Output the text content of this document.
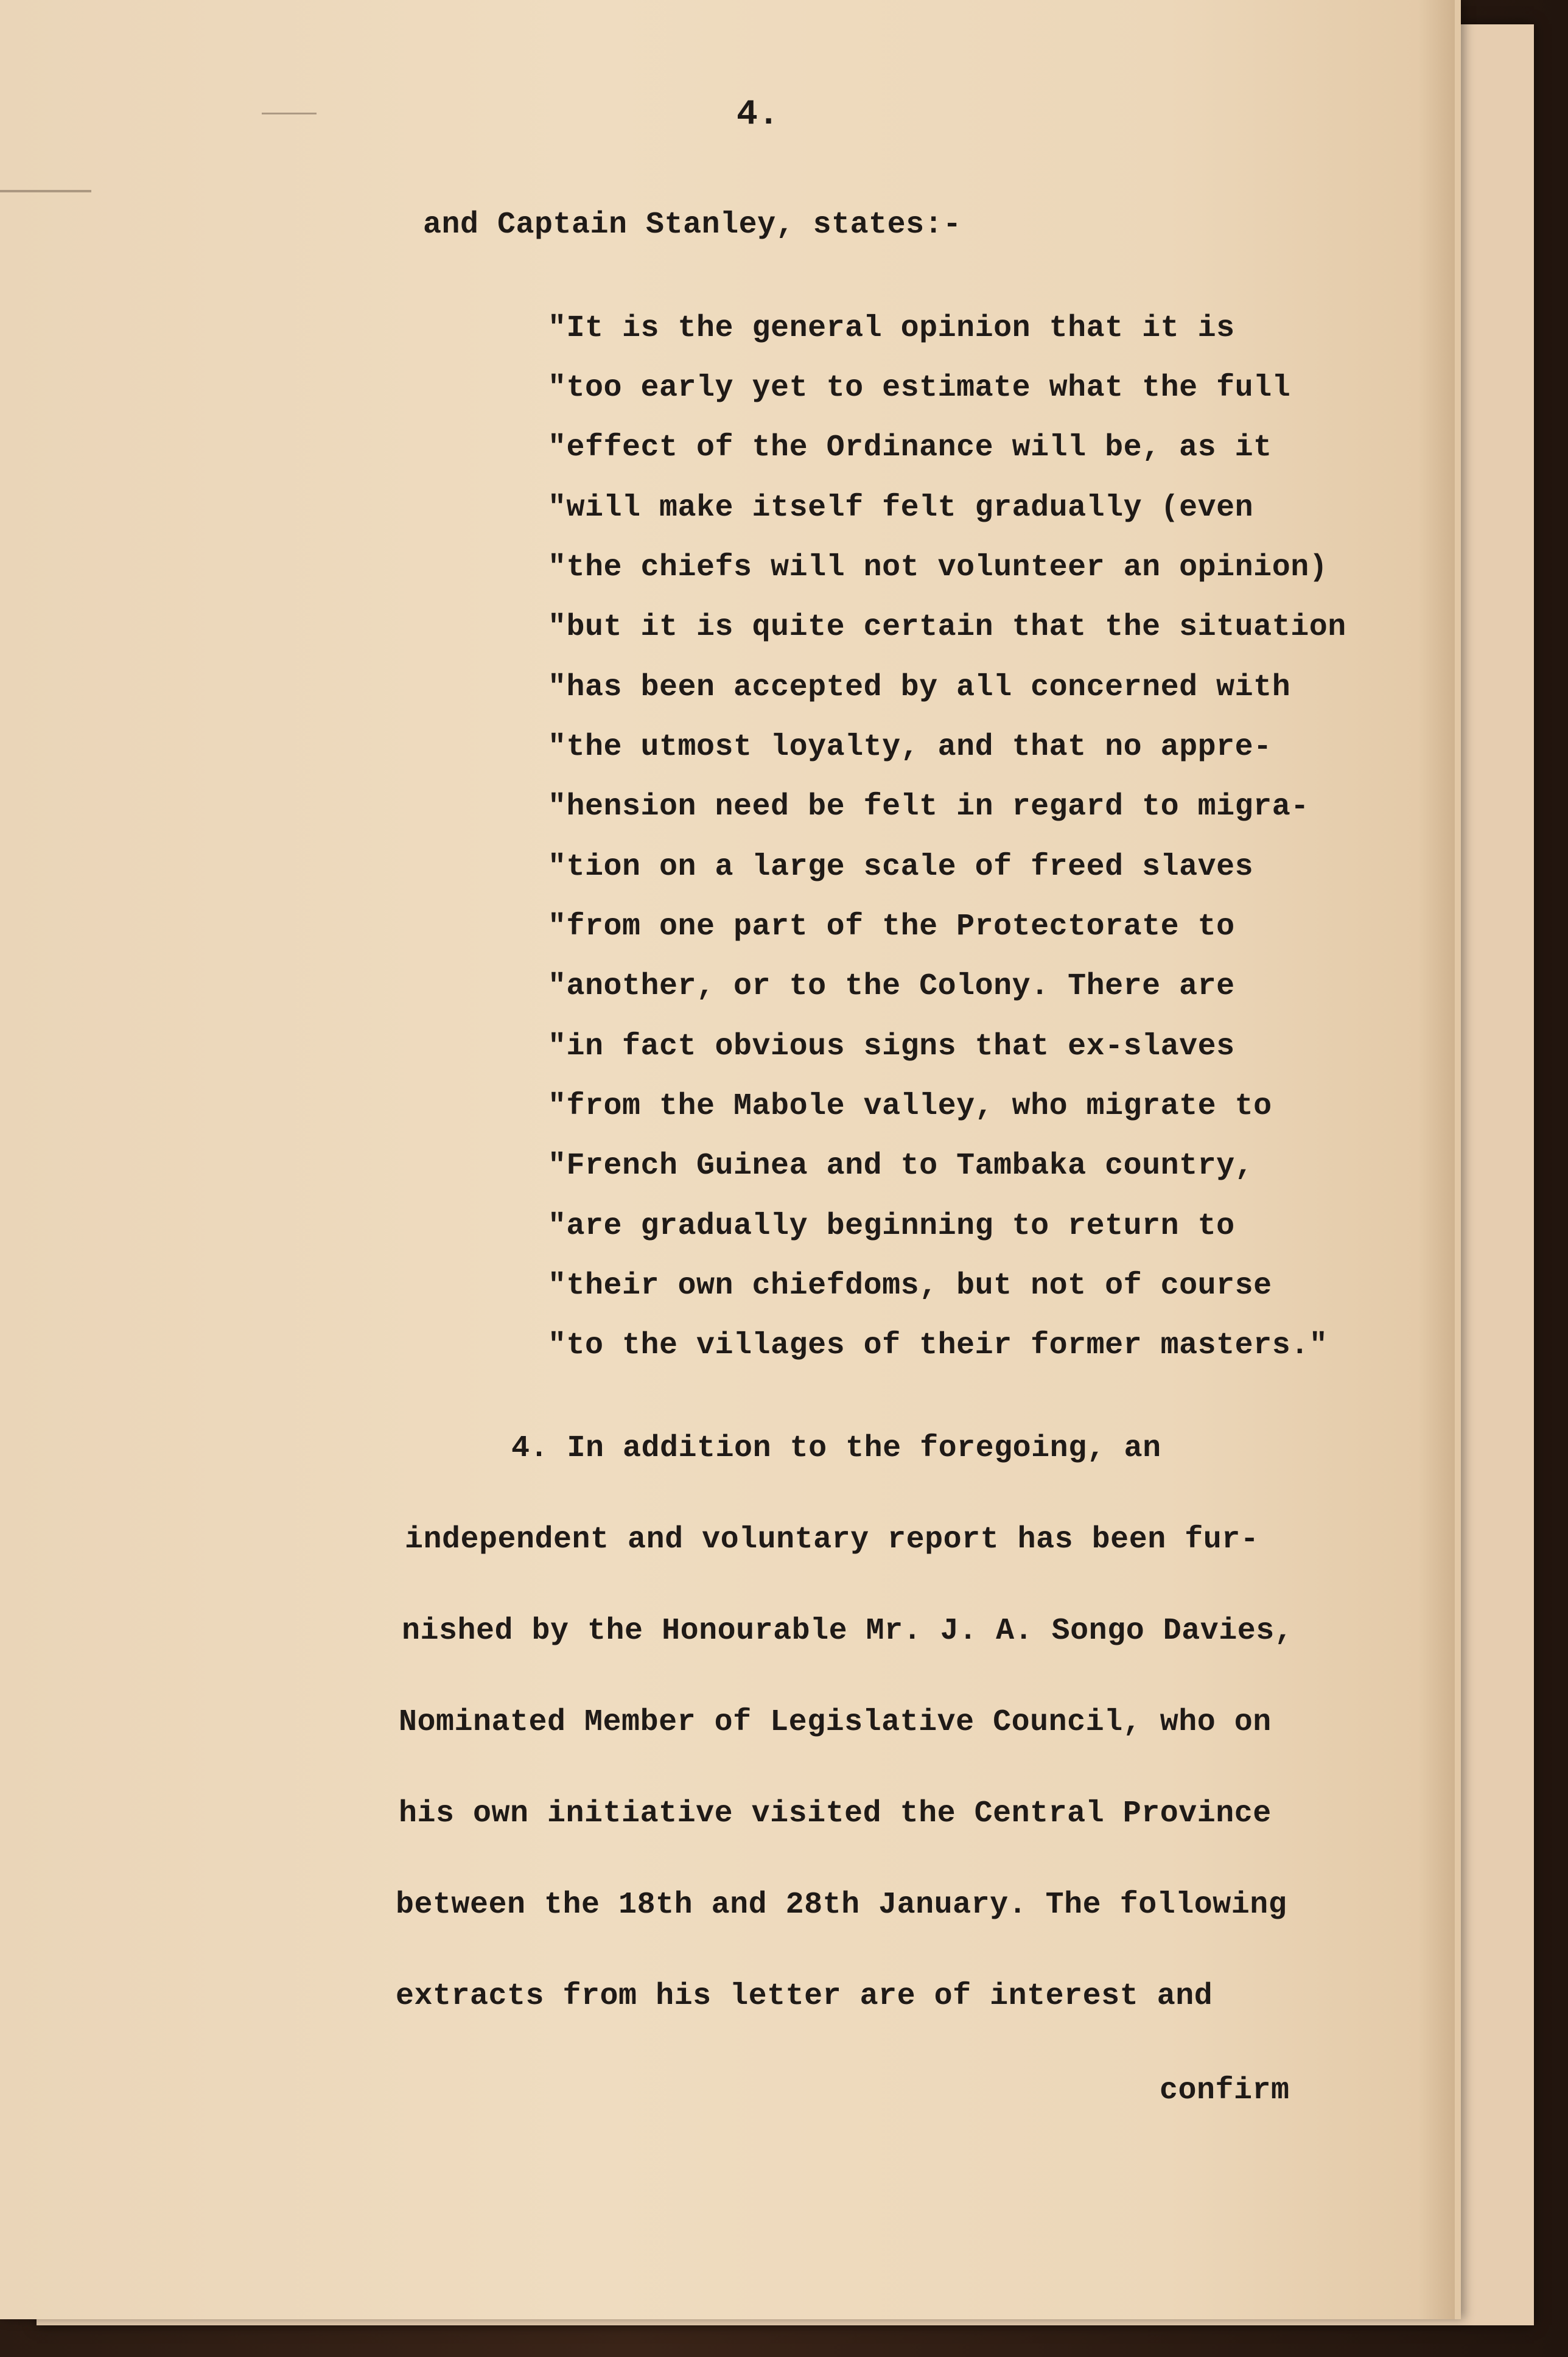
4.
and Captain Stanley, states:-
"It is the general opinion that it is
"too early yet to estimate what the full
"effect of the Ordinance will be, as it
"will make itself felt gradually (even
"the chiefs will not volunteer an opinion)
"but it is quite certain that the situation
"has been accepted by all concerned with
"the utmost loyalty, and that no appre-
"hension need be felt in regard to migra-
"tion on a large scale of freed slaves
"from one part of the Protectorate to
"another, or to the Colony. There are
"in fact obvious signs that ex-slaves
"from the Mabole valley, who migrate to
"French Guinea and to Tambaka country,
"are gradually beginning to return to
"their own chiefdoms, but not of course
"to the villages of their former masters."
4. In addition to the foregoing, an
independent and voluntary report has been fur-
nished by the Honourable Mr. J. A. Songo Davies,
Nominated Member of Legislative Council, who on
his own initiative visited the Central Province
between the 18th and 28th January. The following
extracts from his letter are of interest and
confirm
